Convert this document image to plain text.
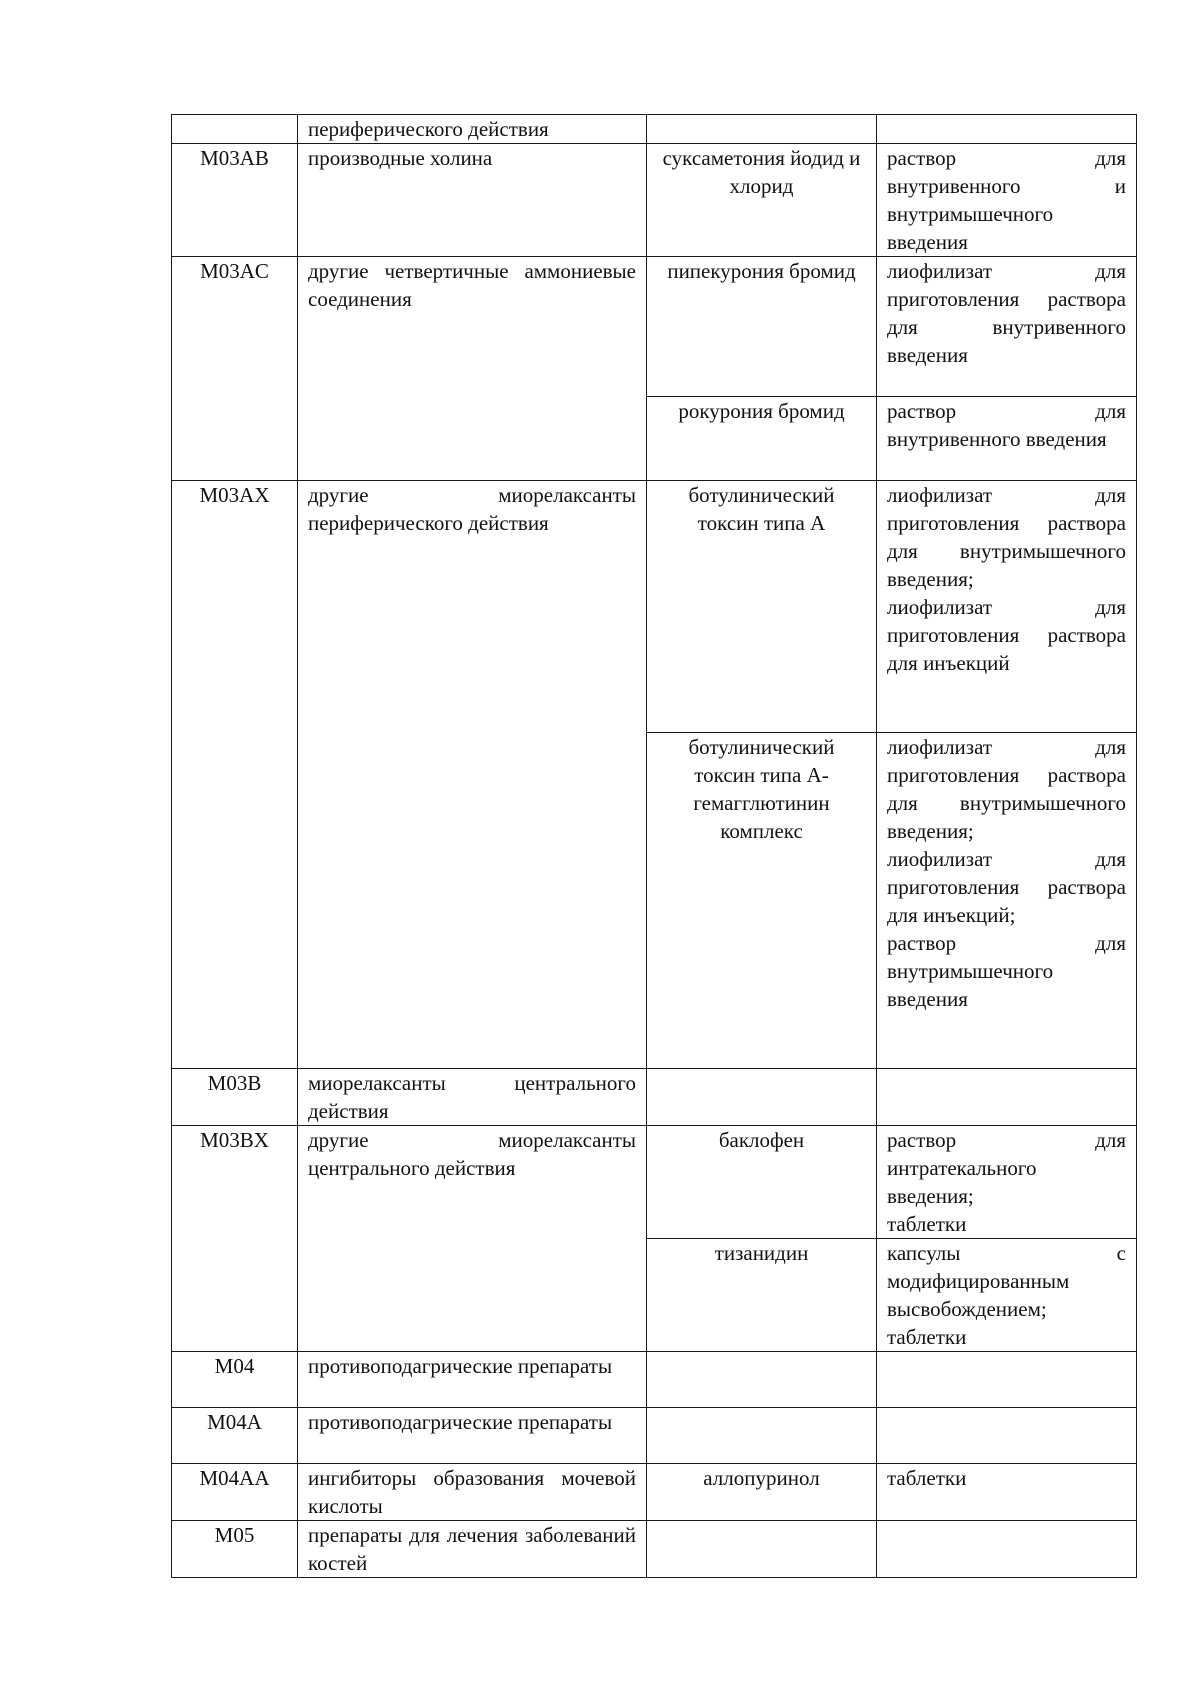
	периферического действия		
M03AB	производные холина	суксаметония йодид и хлорид	раствор для внутривенного и внутримышечного введения
M03AC	другие четвертичные аммониевые соединения	пипекурония бромид	лиофилизат для приготовления раствора для внутривенного введения
		рокурония бромид	раствор для внутривенного введения
M03AX	другие миорелаксанты периферического действия	ботулинический токсин типа A	лиофилизат для приготовления раствора для внутримышечного введения;
лиофилизат для приготовления раствора для инъекций

		ботулинический токсин типа A-гемагглютинин комплекс	лиофилизат для приготовления раствора для внутримышечного введения;
лиофилизат для приготовления раствора для инъекций;
раствор для внутримышечного введения

M03B	миорелаксанты центрального действия		
M03BX	другие миорелаксанты центрального действия	баклофен	раствор для интратекального введения;
таблетки

		тизанидин	капсулы с модифицированным высвобождением;
таблетки

M04	противоподагрические препараты		
M04A	противоподагрические препараты		
M04AA	ингибиторы образования мочевой кислоты	аллопуринол	таблетки
M05	препараты для лечения заболеваний костей		
